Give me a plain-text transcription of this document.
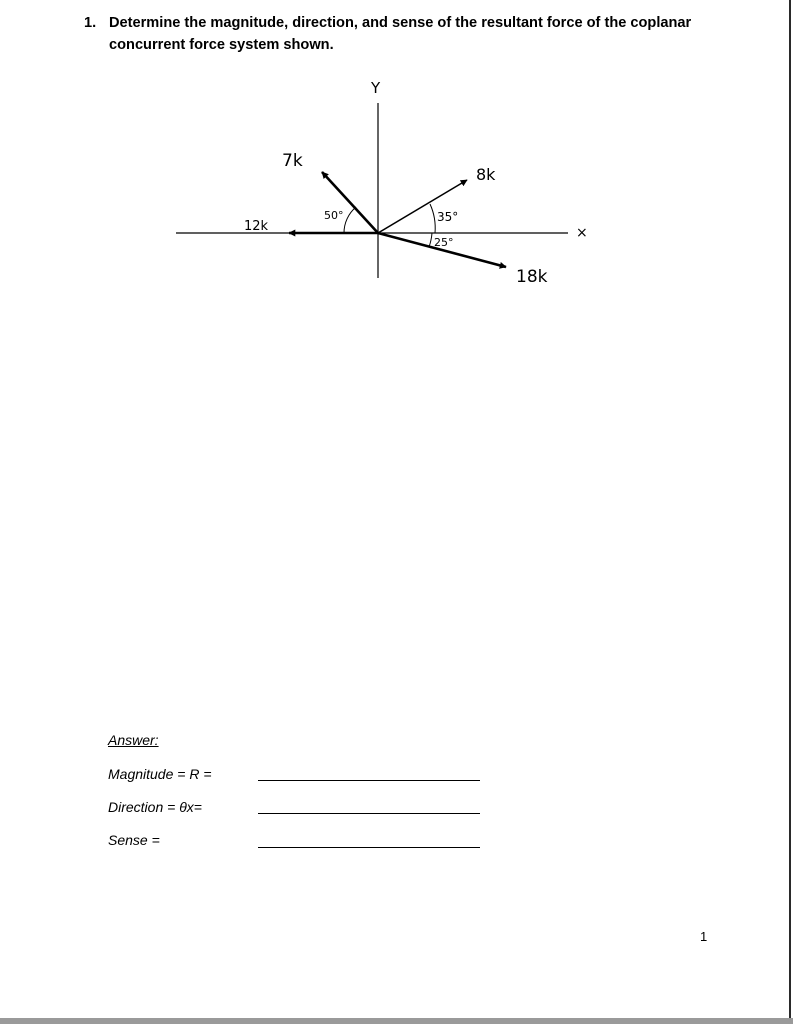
1. Determine the magnitude, direction, and sense of the resultant force of the coplanar concurrent force system shown.
Y
×
7k
8k
12k
18k
50°	35°
25°
Answer:
Magnitude = R =
Direction = θx=
Sense =
1
